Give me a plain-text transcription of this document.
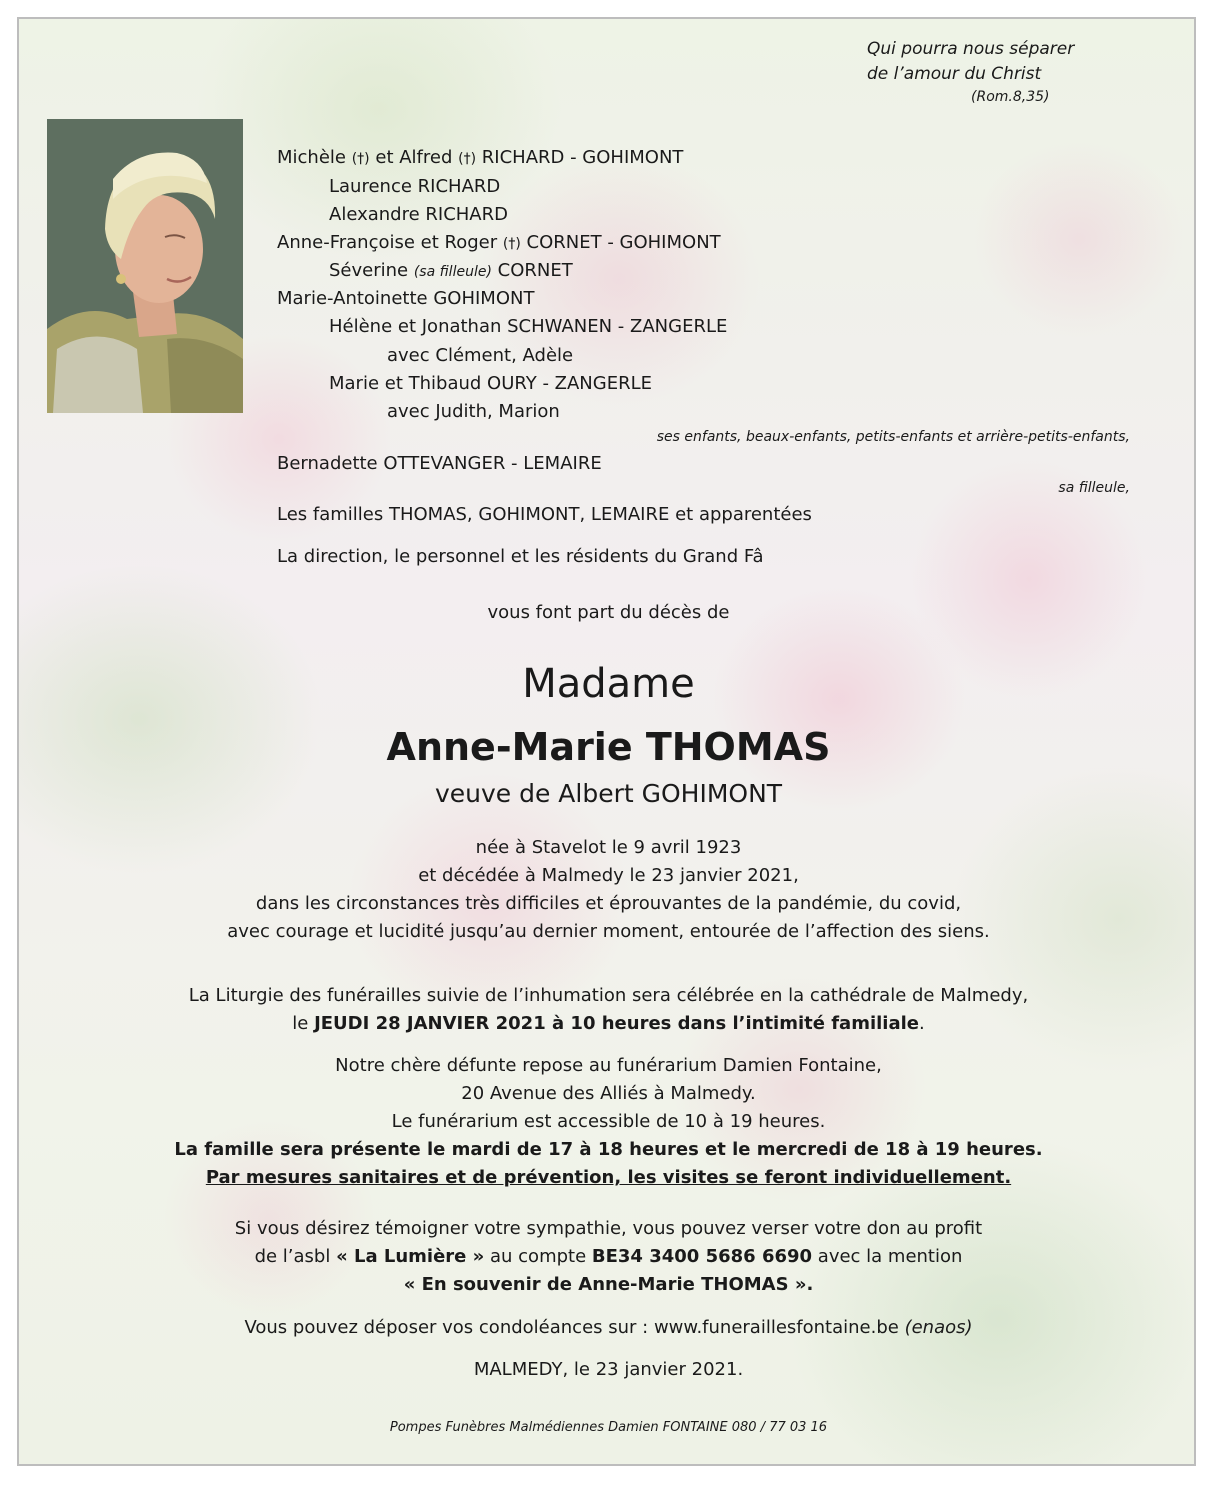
Qui pourra nous séparer
de l’amour du Christ
(Rom.8,35)
Michèle (†) et Alfred (†) RICHARD - GOHIMONT
Laurence RICHARD
Alexandre RICHARD
Anne-Françoise et Roger (†) CORNET - GOHIMONT
Séverine (sa filleule) CORNET
Marie-Antoinette GOHIMONT
Hélène et Jonathan SCHWANEN - ZANGERLE
avec Clément, Adèle
Marie et Thibaud OURY - ZANGERLE
avec Judith, Marion
ses enfants, beaux-enfants, petits-enfants et arrière-petits-enfants,
Bernadette OTTEVANGER - LEMAIRE
sa filleule,
Les familles THOMAS, GOHIMONT, LEMAIRE et apparentées
La direction, le personnel et les résidents du Grand Fâ
vous font part du décès de
Madame
Anne-Marie THOMAS
veuve de Albert GOHIMONT
née à Stavelot le 9 avril 1923
et décédée à Malmedy le 23 janvier 2021,
dans les circonstances très difficiles et éprouvantes de la pandémie, du covid,
avec courage et lucidité jusqu’au dernier moment, entourée de l’affection des siens.
La Liturgie des funérailles suivie de l’inhumation sera célébrée en la cathédrale de Malmedy,
le JEUDI 28 JANVIER 2021 à 10 heures dans l’intimité familiale.
Notre chère défunte repose au funérarium Damien Fontaine,
20 Avenue des Alliés à Malmedy.
Le funérarium est accessible de 10 à 19 heures.
La famille sera présente le mardi de 17 à 18 heures et le mercredi de 18 à 19 heures.
Par mesures sanitaires et de prévention, les visites se feront individuellement.
Si vous désirez témoigner votre sympathie, vous pouvez verser votre don au profit
de l’asbl « La Lumière » au compte BE34 3400 5686 6690 avec la mention
« En souvenir de Anne-Marie THOMAS ».
Vous pouvez déposer vos condoléances sur : www.funeraillesfontaine.be (enaos)
MALMEDY, le 23 janvier 2021.
Pompes Funèbres Malmédiennes Damien FONTAINE 080 / 77 03 16
